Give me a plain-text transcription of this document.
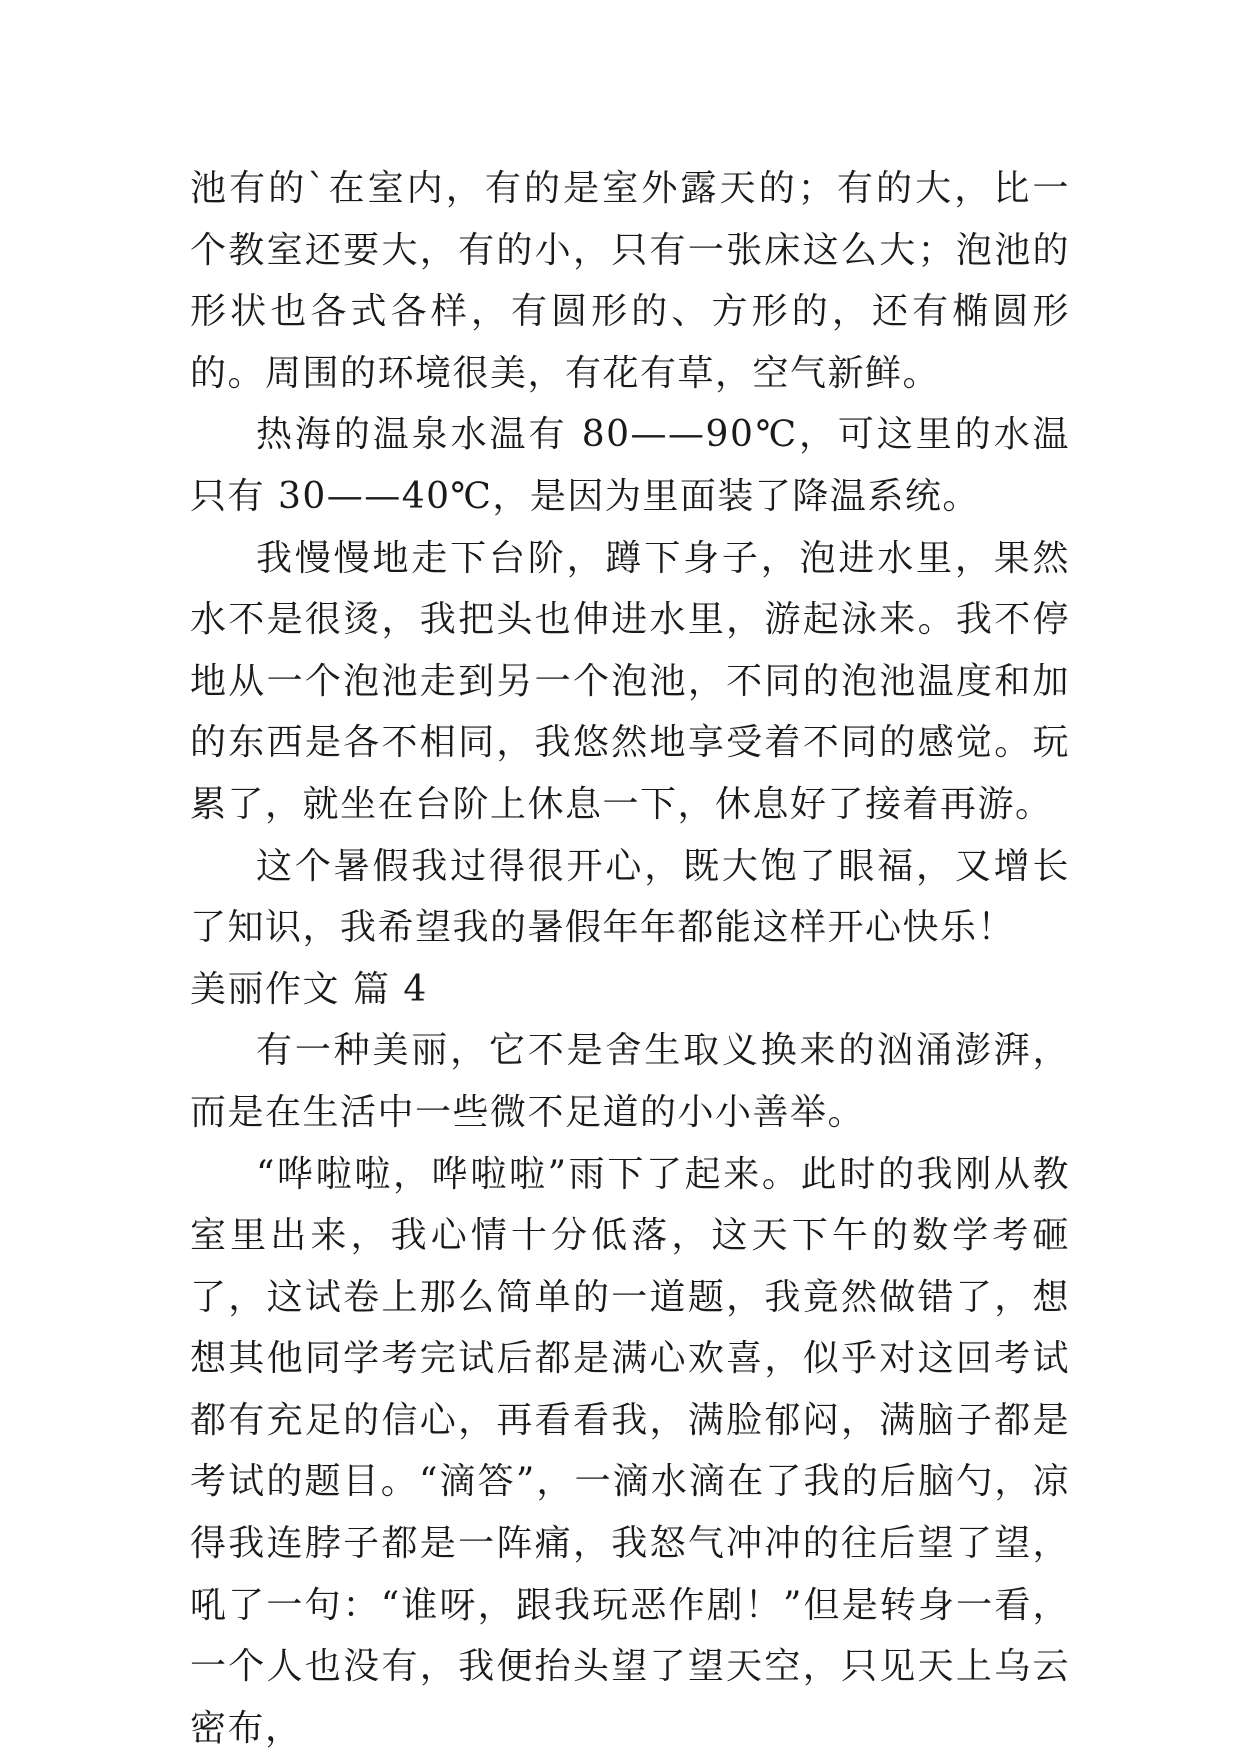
池有的`在室内，有的是室外露天的；有的大，比一个教室还要大，有的小，只有一张床这么大；泡池的形状也各式各样，有圆形的、方形的，还有椭圆形的。周围的环境很美，有花有草，空气新鲜。

热海的温泉水温有 80——90℃，可这里的水温只有 30——40℃，是因为里面装了降温系统。

我慢慢地走下台阶，蹲下身子，泡进水里，果然水不是很烫，我把头也伸进水里，游起泳来。我不停地从一个泡池走到另一个泡池，不同的泡池温度和加的东西是各不相同，我悠然地享受着不同的感觉。玩累了，就坐在台阶上休息一下，休息好了接着再游。

这个暑假我过得很开心，既大饱了眼福，又增长了知识，我希望我的暑假年年都能这样开心快乐！

美丽作文 篇 4

有一种美丽，它不是舍生取义换来的汹涌澎湃，而是在生活中一些微不足道的小小善举。

“哗啦啦，哗啦啦”雨下了起来。此时的我刚从教室里出来，我心情十分低落，这天下午的数学考砸了，这试卷上那么简单的一道题，我竟然做错了，想想其他同学考完试后都是满心欢喜，似乎对这回考试都有充足的信心，再看看我，满脸郁闷，满脑子都是考试的题目。“滴答”，一滴水滴在了我的后脑勺，凉得我连脖子都是一阵痛，我怒气冲冲的往后望了望，吼了一句：“谁呀，跟我玩恶作剧！”但是转身一看，一个人也没有，我便抬头望了望天空，只见天上乌云密布，
